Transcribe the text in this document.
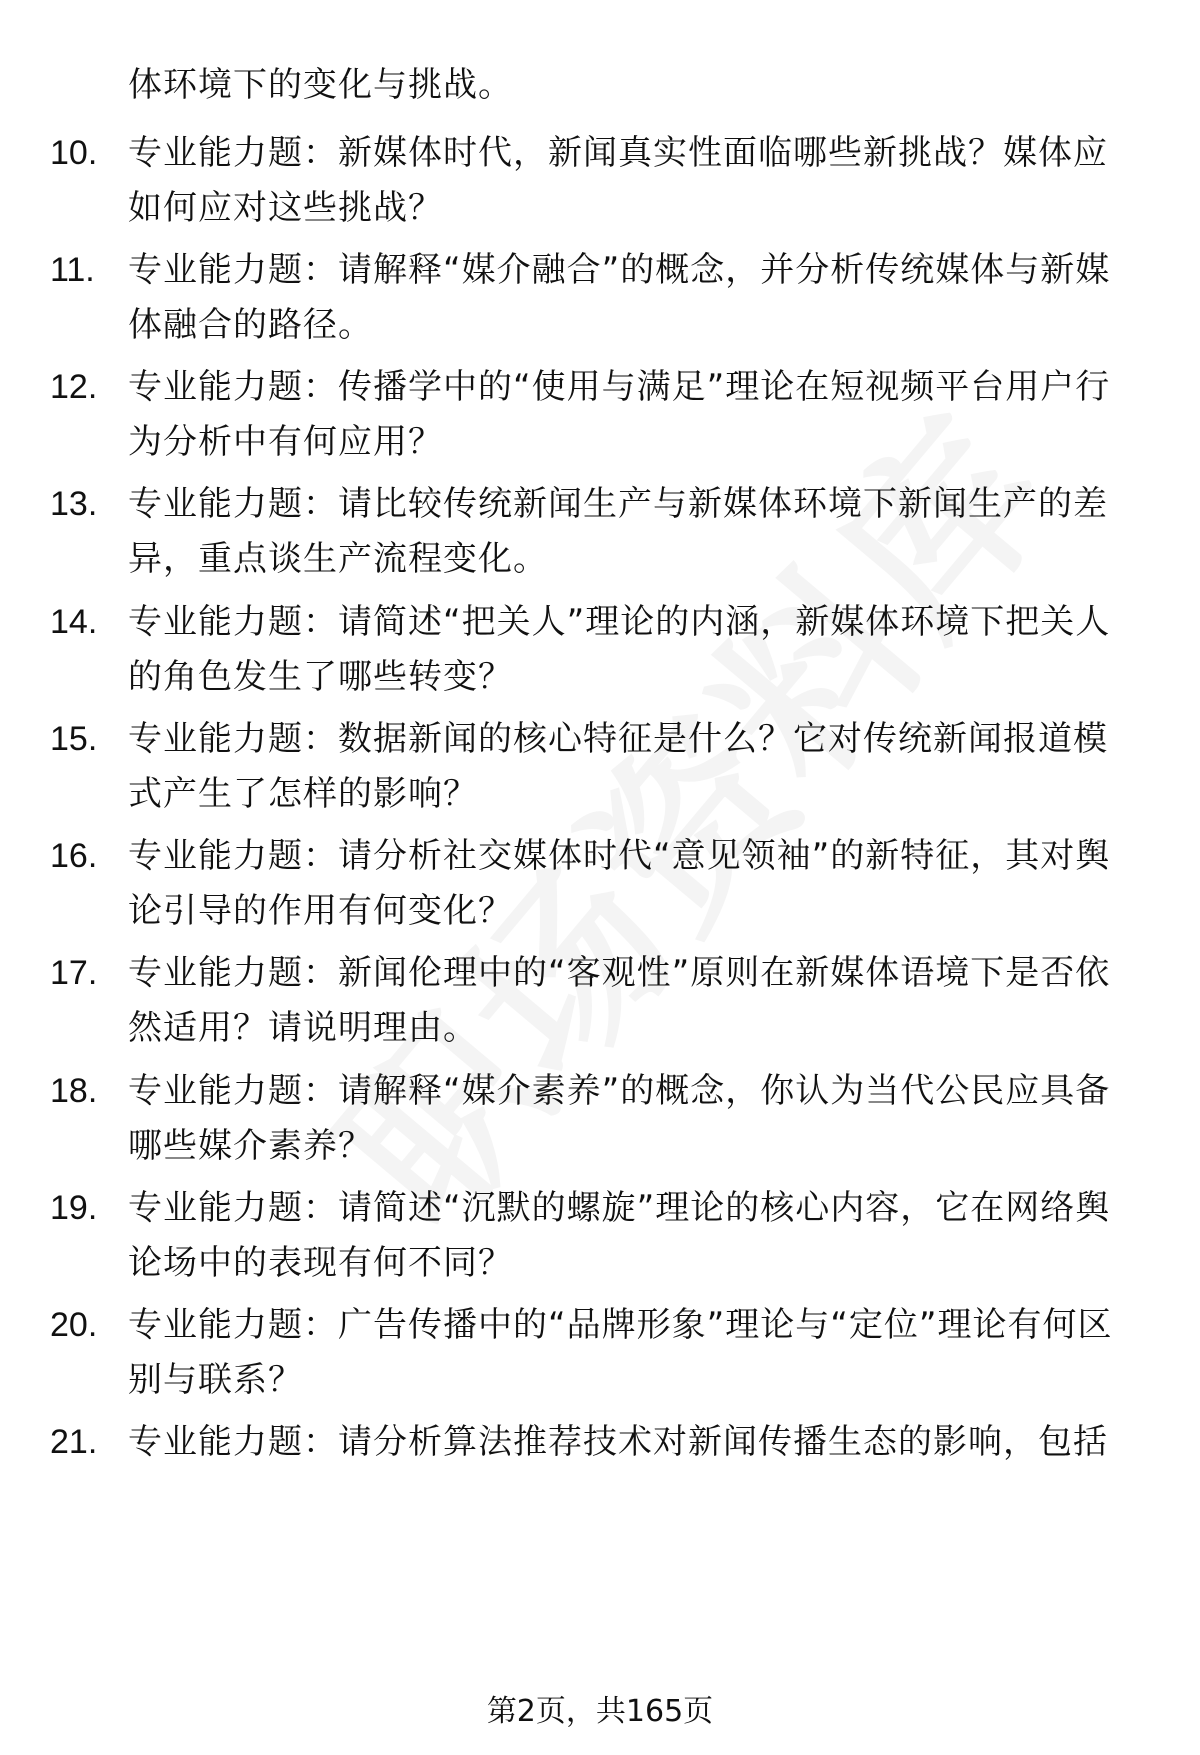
体环境下的变化与挑战。
10. 专业能力题：新媒体时代，新闻真实性面临哪些新挑战？媒体应如何应对这些挑战？
11. 专业能力题：请解释“媒介融合”的概念，并分析传统媒体与新媒体融合的路径。
12. 专业能力题：传播学中的“使用与满足”理论在短视频平台用户行为分析中有何应用？
13. 专业能力题：请比较传统新闻生产与新媒体环境下新闻生产的差异，重点谈生产流程变化。
14. 专业能力题：请简述“把关人”理论的内涵，新媒体环境下把关人的角色发生了哪些转变？
15. 专业能力题：数据新闻的核心特征是什么？它对传统新闻报道模式产生了怎样的影响？
16. 专业能力题：请分析社交媒体时代“意见领袖”的新特征，其对舆论引导的作用有何变化？
17. 专业能力题：新闻伦理中的“客观性”原则在新媒体语境下是否依然适用？请说明理由。
18. 专业能力题：请解释“媒介素养”的概念，你认为当代公民应具备哪些媒介素养？
19. 专业能力题：请简述“沉默的螺旋”理论的核心内容，它在网络舆论场中的表现有何不同？
20. 专业能力题：广告传播中的“品牌形象”理论与“定位”理论有何区别与联系？
21. 专业能力题：请分析算法推荐技术对新闻传播生态的影响，包括
第2页，共165页
